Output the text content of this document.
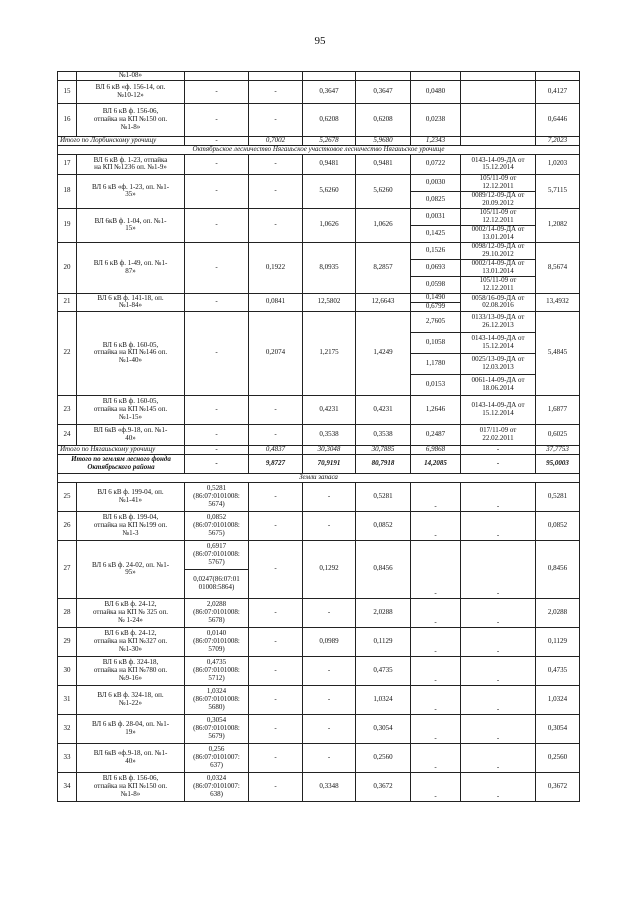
95
	№1-08»							
15	ВЛ 6 кВ «ф. 156-14, оп.
№10-12»	-	-	0,3647	0,3647	0,0480		0,4127
16	ВЛ 6 кВ ф. 156-06,
отпайка на КП №150 оп.
№1-8»	-	-	0,6208	0,6208	0,0238		0,6446
Итого по Лорбинскому урочищу		-	0,7002	5,2678	5,9680	1,2343		7,2023
Октябрьское лесничество Нягаиьское участковое лесничество Нягаиьское урочище								
17	ВЛ 6 кВ ф. 1-23, отпайка
на КП №1236 оп. №1-9»	-	-	0,9481	0,9481	0,0722	0143-14-09-ДА от
15.12.2014	1,0203
18	ВЛ 6 кВ «ф. 1-23, оп. №1-
35»	-	-	5,6260	5,6260	0,0030	105/11-09 от
12.12.2011	5,7115
						0,0825	0089/12-09-ДА от
20.09.2012	
19	ВЛ 6кВ ф. 1-04, оп. №1-
15»	-	-	1,0626	1,0626	0,0031	105/11-09 от
12.12.2011	1,2082
						0,1425	0002/14-09-ДА от
13.01.2014	
20	ВЛ 6 кВ ф. 1-49, оп. №1-
87»	-	0,1922	8,0935	8,2857	0,1526	0098/12-09-ДА от
29.10.2012	8,5674
						0,0693	0002/14-09-ДА от
13.01.2014	
						0,0598	105/11-09 от
12.12.2011	
21	ВЛ 6 кВ ф. 141-18, оп.
№1-84»	-	0,0841	12,5802	12,6643	0,1490	0058/16-09-ДА от
02.08.2016	13,4932
						0,6799		
22	ВЛ 6 кВ ф. 160-05,
отпайка на КП №146 оп.
№1-40»	-	0,2074	1,2175	1,4249	2,7605	0133/13-09-ДА от
26.12.2013	5,4845
						0,1058	0143-14-09-ДА от
15.12.2014	
						1,1780	0025/13-09-ДА от
12.03.2013	
						0,0153	0061-14-09-ДА от
18.06.2014	
23	ВЛ 6 кВ ф. 160-05,
отпайка на КП №145 оп.
№1-15»	-	-	0,4231	0,4231	1,2646	0143-14-09-ДА от
15.12.2014	1,6877
24	ВЛ 6кВ «ф.9-18, оп. №1-
40»	-	-	0,3538	0,3538	0,2487	017/11-09 от
22.02.2011	0,6025
Итого по Нягаиьскому урочищу		-	0,4837	30,3048	30,7885	6,9868	-	37,7753
Итого по землям лесного фонда
Октябрьского района		-	9,8727	70,9191	80,7918	14,2085	-	95,0003
Земли запаса								
25	ВЛ 6 кВ ф. 199-04, оп.
№1-41»	0,5281
(86:07:0101008:
5674)	-	-	0,5281	-	-	0,5281
26	ВЛ 6 кВ ф. 199-04,
отпайка на КП №199 оп.
№1-3	0,0852
(86:07:0101008:
5675)	-	-	0,0852	-	-	0,0852
27	ВЛ 6 кВ ф. 24-02, оп. №1-
95»	0,6917
(86:07:0101008:
5767)	-	0,1292	0,8456	-	-	0,8456
		0,0247(86:07:01
01008:5864)						
28	ВЛ 6 кВ ф. 24-12,
отпайка на КП № 325 оп.
№ 1-24»	2,0288
(86:07:0101008:
5678)	-	-	2,0288	-	-	2,0288
29	ВЛ 6 кВ ф. 24-12,
отпайка на КП №327 оп.
№1-30»	0,0140
(86:07:0101008:
5709)	-	0,0989	0,1129	-	-	0,1129
30	ВЛ 6 кВ ф. 324-18,
отпайка на КП №780 оп.
№9-16»	0,4735
(86:07:0101008:
5712)	-	-	0,4735	-	-	0,4735
31	ВЛ 6 кВ ф. 324-18, оп.
№1-22»	1,0324
(86:07:0101008:
5680)	-	-	1,0324	-	-	1,0324
32	ВЛ 6 кВ ф. 28-04, оп. №1-
19»	0,3054
(86:07:0101008:
5679)	-	-	0,3054	-	-	0,3054
33	ВЛ 6кВ «ф.9-18, оп. №1-
40»	0,256
(86:07:0101007:
637)	-	-	0,2560	-	-	0,2560
34	ВЛ 6 кВ ф. 156-06,
отпайка на КП №150 оп.
№1-8»	0,0324
(86:07:0101007:
638)	-	0,3348	0,3672	-	-	0,3672
